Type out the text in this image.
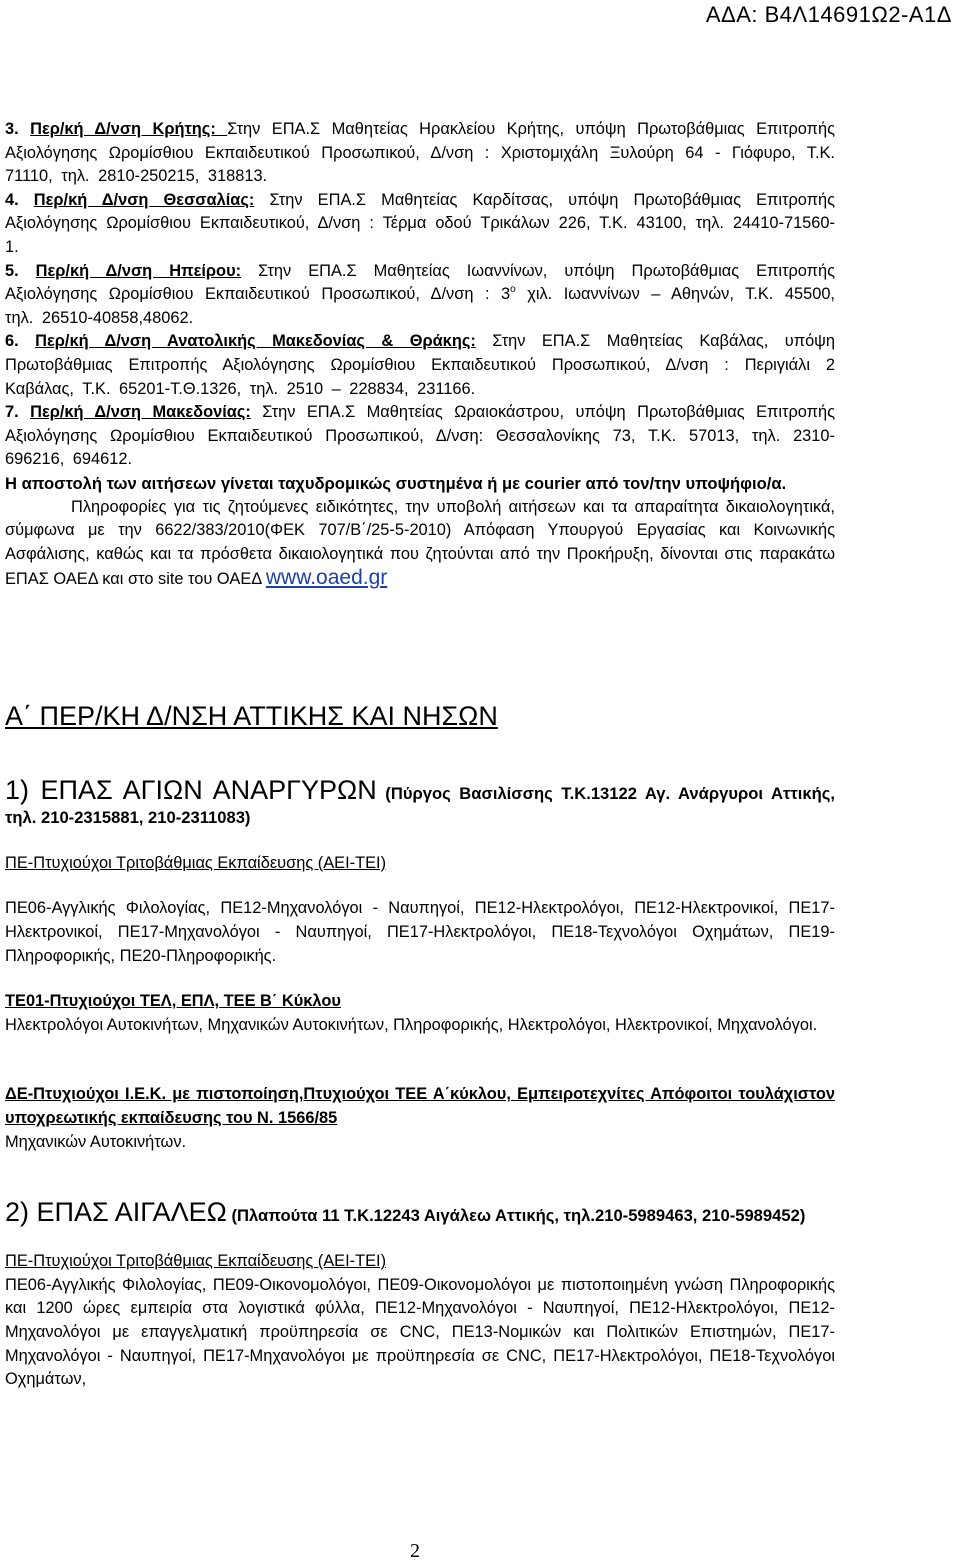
ΑΔΑ: Β4Λ14691Ω2-Α1Δ

3. Περ/κή Δ/νση Κρήτης: Στην ΕΠΑ.Σ Μαθητείας Ηρακλείου Κρήτης, υπόψη Πρωτοβάθμιας Επιτροπής Αξιολόγησης Ωρομίσθιου Εκπαιδευτικού Προσωπικού, Δ/νση : Χριστομιχάλη Ξυλούρη 64 - Γιόφυρο, Τ.Κ. 71110, τηλ. 2810-250215, 318813.

4. Περ/κή Δ/νση Θεσσαλίας: Στην ΕΠΑ.Σ Μαθητείας Καρδίτσας, υπόψη Πρωτοβάθμιας Επιτροπής Αξιολόγησης Ωρομίσθιου Εκπαιδευτικού, Δ/νση : Τέρμα οδού Τρικάλων 226, Τ.Κ. 43100, τηλ. 24410-71560-1.

5. Περ/κή Δ/νση Ηπείρου: Στην ΕΠΑ.Σ Μαθητείας Ιωαννίνων, υπόψη Πρωτοβάθμιας Επιτροπής Αξιολόγησης Ωρομίσθιου Εκπαιδευτικού Προσωπικού, Δ/νση : $3^o$ χιλ. Ιωαννίνων – Αθηνών, Τ.Κ. 45500, τηλ. 26510-40858,48062.

6. Περ/κή Δ/νση Ανατολικής Μακεδονίας & Θράκης: Στην ΕΠΑ.Σ Μαθητείας Καβάλας, υπόψη Πρωτοβάθμιας Επιτροπής Αξιολόγησης Ωρομίσθιου Εκπαιδευτικού Προσωπικού, Δ/νση : Περιγιάλι 2 Καβάλας, Τ.Κ. 65201-Τ.Θ.1326, τηλ. 2510 – 228834, 231166.

7. Περ/κή Δ/νση Μακεδονίας: Στην ΕΠΑ.Σ Μαθητείας Ωραιοκάστρου, υπόψη Πρωτοβάθμιας Επιτροπής Αξιολόγησης Ωρομίσθιου Εκπαιδευτικού Προσωπικού, Δ/νση: Θεσσαλονίκης 73, Τ.Κ. 57013, τηλ. 2310-696216, 694612.

Η αποστολή των αιτήσεων γίνεται ταχυδρομικώς συστημένα ή με courier από τον/την υποψήφιο/α.

Πληροφορίες για τις ζητούμενες ειδικότητες, την υποβολή αιτήσεων και τα απαραίτητα δικαιολογητικά, σύμφωνα με την 6622/383/2010(ΦΕΚ 707/Β΄/25-5-2010) Απόφαση Υπουργού Εργασίας και Κοινωνικής Ασφάλισης, καθώς και τα πρόσθετα δικαιολογητικά που ζητούνται από την Προκήρυξη, δίνονται στις παρακάτω ΕΠΑΣ ΟΑΕΔ και στο site του ΟΑΕΔ www.oaed.gr

Α΄ ΠΕΡ/ΚΗ Δ/ΝΣΗ ΑΤΤΙΚΗΣ ΚΑΙ ΝΗΣΩΝ

1) ΕΠΑΣ ΑΓΙΩΝ ΑΝΑΡΓΥΡΩΝ (Πύργος Βασιλίσσης Τ.Κ.13122 Αγ. Ανάργυροι Αττικής, τηλ. 210-2315881, 210-2311083)

ΠΕ-Πτυχιούχοι Τριτοβάθμιας Εκπαίδευσης (ΑΕΙ-ΤΕΙ)

ΠΕ06-Αγγλικής Φιλολογίας, ΠΕ12-Μηχανολόγοι - Ναυπηγοί, ΠΕ12-Ηλεκτρολόγοι, ΠΕ12-Ηλεκτρονικοί, ΠΕ17-Ηλεκτρονικοί, ΠΕ17-Μηχανολόγοι - Ναυπηγοί, ΠΕ17-Ηλεκτρολόγοι, ΠΕ18-Τεχνολόγοι Οχημάτων, ΠΕ19-Πληροφορικής, ΠΕ20-Πληροφορικής.

ΤΕ01-Πτυχιούχοι ΤΕΛ, ΕΠΛ, ΤΕΕ Β΄ Κύκλου

Ηλεκτρολόγοι Αυτοκινήτων, Μηχανικών Αυτοκινήτων, Πληροφορικής, Ηλεκτρολόγοι, Ηλεκτρονικοί, Μηχανολόγοι.

ΔΕ-Πτυχιούχοι Ι.Ε.Κ. με πιστοποίηση,Πτυχιούχοι ΤΕΕ Α΄κύκλου, Εμπειροτεχνίτες Απόφοιτοι τουλάχιστον υποχρεωτικής εκπαίδευσης του Ν. 1566/85

Μηχανικών Αυτοκινήτων.

2) ΕΠΑΣ ΑΙΓΑΛΕΩ (Πλαπούτα 11 Τ.Κ.12243 Αιγάλεω Αττικής, τηλ.210-5989463, 210-5989452)

ΠΕ-Πτυχιούχοι Τριτοβάθμιας Εκπαίδευσης (ΑΕΙ-ΤΕΙ)

ΠΕ06-Αγγλικής Φιλολογίας, ΠΕ09-Οικονομολόγοι, ΠΕ09-Οικονομολόγοι με πιστοποιημένη γνώση Πληροφορικής και 1200 ώρες εμπειρία στα λογιστικά φύλλα, ΠΕ12-Μηχανολόγοι - Ναυπηγοί, ΠΕ12-Ηλεκτρολόγοι, ΠΕ12-Μηχανολόγοι με επαγγελματική προϋπηρεσία σε CNC, ΠΕ13-Νομικών και Πολιτικών Επιστημών, ΠΕ17-Μηχανολόγοι - Ναυπηγοί, ΠΕ17-Μηχανολόγοι με προϋπηρεσία σε CNC, ΠΕ17-Ηλεκτρολόγοι, ΠΕ18-Τεχνολόγοι Οχημάτων,

2
